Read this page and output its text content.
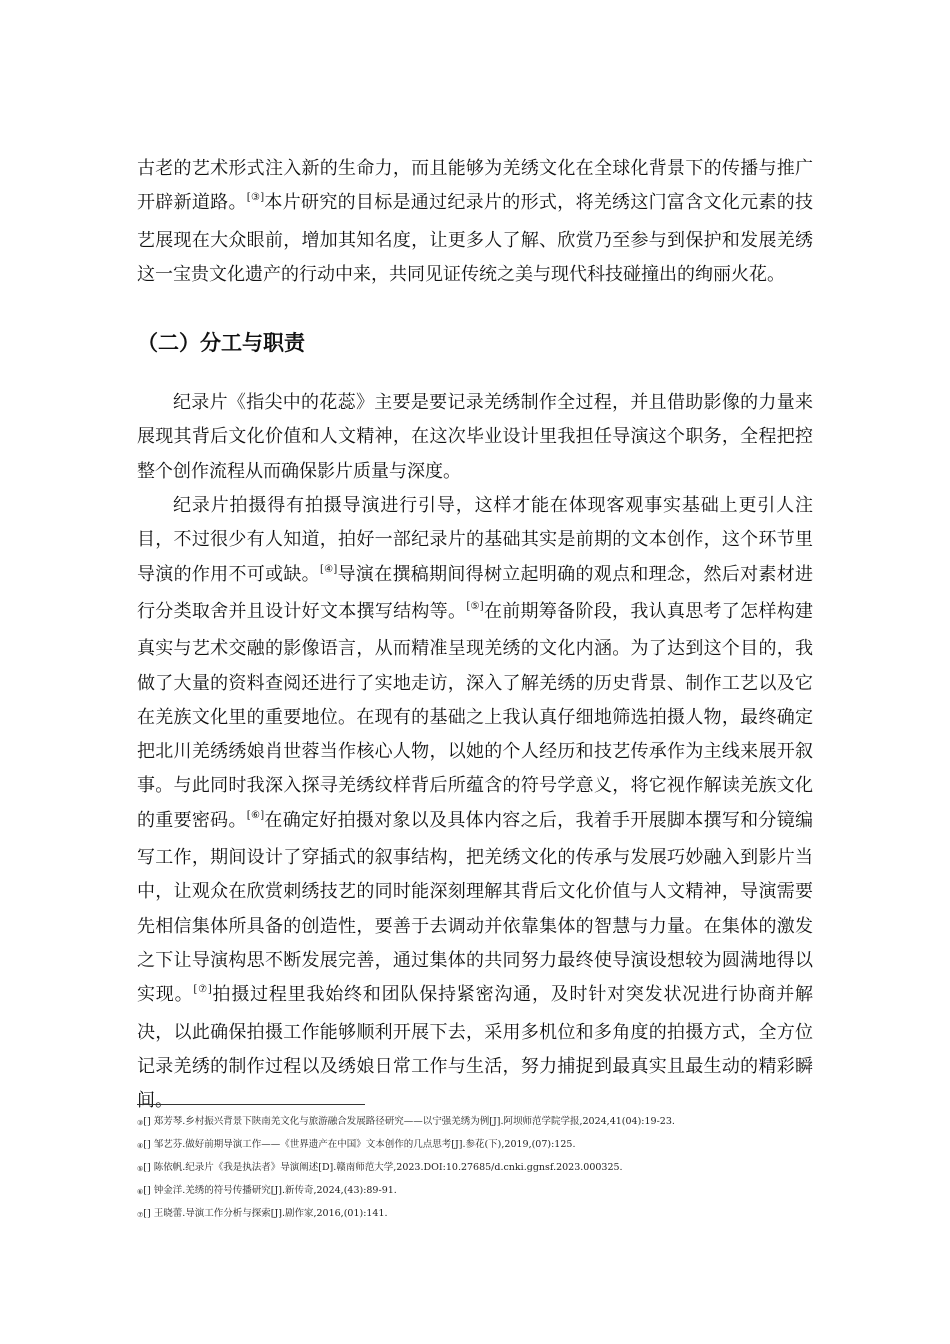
古老的艺术形式注入新的生命力，而且能够为羌绣文化在全球化背景下的传播与推广开辟新道路。[③]本片研究的目标是通过纪录片的形式，将羌绣这门富含文化元素的技艺展现在大众眼前，增加其知名度，让更多人了解、欣赏乃至参与到保护和发展羌绣这一宝贵文化遗产的行动中来，共同见证传统之美与现代科技碰撞出的绚丽火花。

（二）分工与职责

纪录片《指尖中的花蕊》主要是要记录羌绣制作全过程，并且借助影像的力量来展现其背后文化价值和人文精神，在这次毕业设计里我担任导演这个职务，全程把控整个创作流程从而确保影片质量与深度。

纪录片拍摄得有拍摄导演进行引导，这样才能在体现客观事实基础上更引人注目，不过很少有人知道，拍好一部纪录片的基础其实是前期的文本创作，这个环节里导演的作用不可或缺。[④]导演在撰稿期间得树立起明确的观点和理念，然后对素材进行分类取舍并且设计好文本撰写结构等。[⑤]在前期筹备阶段，我认真思考了怎样构建真实与艺术交融的影像语言，从而精准呈现羌绣的文化内涵。为了达到这个目的，我做了大量的资料查阅还进行了实地走访，深入了解羌绣的历史背景、制作工艺以及它在羌族文化里的重要地位。在现有的基础之上我认真仔细地筛选拍摄人物，最终确定把北川羌绣绣娘肖世蓉当作核心人物，以她的个人经历和技艺传承作为主线来展开叙事。与此同时我深入探寻羌绣纹样背后所蕴含的符号学意义，将它视作解读羌族文化的重要密码。[⑥]在确定好拍摄对象以及具体内容之后，我着手开展脚本撰写和分镜编写工作，期间设计了穿插式的叙事结构，把羌绣文化的传承与发展巧妙融入到影片当中，让观众在欣赏刺绣技艺的同时能深刻理解其背后文化价值与人文精神，导演需要先相信集体所具备的创造性，要善于去调动并依靠集体的智慧与力量。在集体的激发之下让导演构思不断发展完善，通过集体的共同努力最终使导演设想较为圆满地得以实现。[⑦]拍摄过程里我始终和团队保持紧密沟通，及时针对突发状况进行协商并解决，以此确保拍摄工作能够顺利开展下去，采用多机位和多角度的拍摄方式，全方位记录羌绣的制作过程以及绣娘日常工作与生活，努力捕捉到最真实且最生动的精彩瞬间。

③[] 郑芳琴.乡村振兴背景下陕南羌文化与旅游融合发展路径研究——以宁强羌绣为例[J].阿坝师范学院学报,2024,41(04):19-23.

④[] 邹艺芬.做好前期导演工作——《世界遗产在中国》文本创作的几点思考[J].参花(下),2019,(07):125.

⑤[] 陈依帆.纪录片《我是执法者》导演阐述[D].赣南师范大学,2023.DOI:10.27685/d.cnki.ggnsf.2023.000325.

⑥[] 钟金洋.羌绣的符号传播研究[J].新传奇,2024,(43):89-91.

⑦[] 王晓蕾.导演工作分析与探索[J].剧作家,2016,(01):141.
